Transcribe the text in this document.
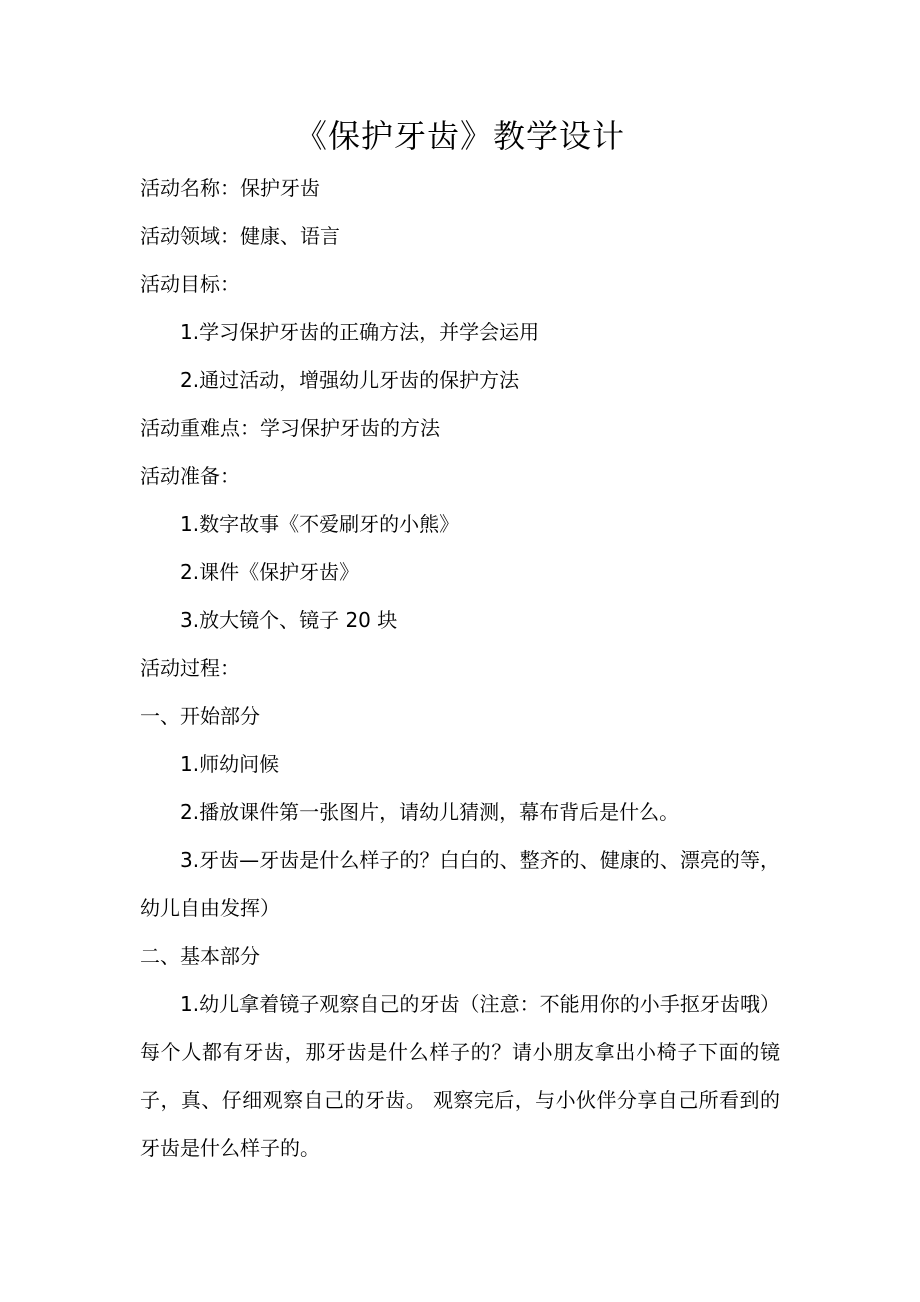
《保护牙齿》教学设计

活动名称：保护牙齿

活动领域：健康、语言

活动目标：

1.学习保护牙齿的正确方法，并学会运用

2.通过活动，增强幼儿牙齿的保护方法

活动重难点：学习保护牙齿的方法

活动准备：

1.数字故事《不爱刷牙的小熊》

2.课件《保护牙齿》

3.放大镜个、镜子 20 块

活动过程：

一、开始部分

1.师幼问候

2.播放课件第一张图片，请幼儿猜测，幕布背后是什么。

3.牙齿—牙齿是什么样子的？白白的、整齐的、健康的、漂亮的等，幼儿自由发挥）

二、基本部分

1.幼儿拿着镜子观察自己的牙齿（注意：不能用你的小手抠牙齿哦） 每个人都有牙齿，那牙齿是什么样子的？请小朋友拿出小椅子下面的镜子，真、仔细观察自己的牙齿。 观察完后，与小伙伴分享自己所看到的牙齿是什么样子的。
